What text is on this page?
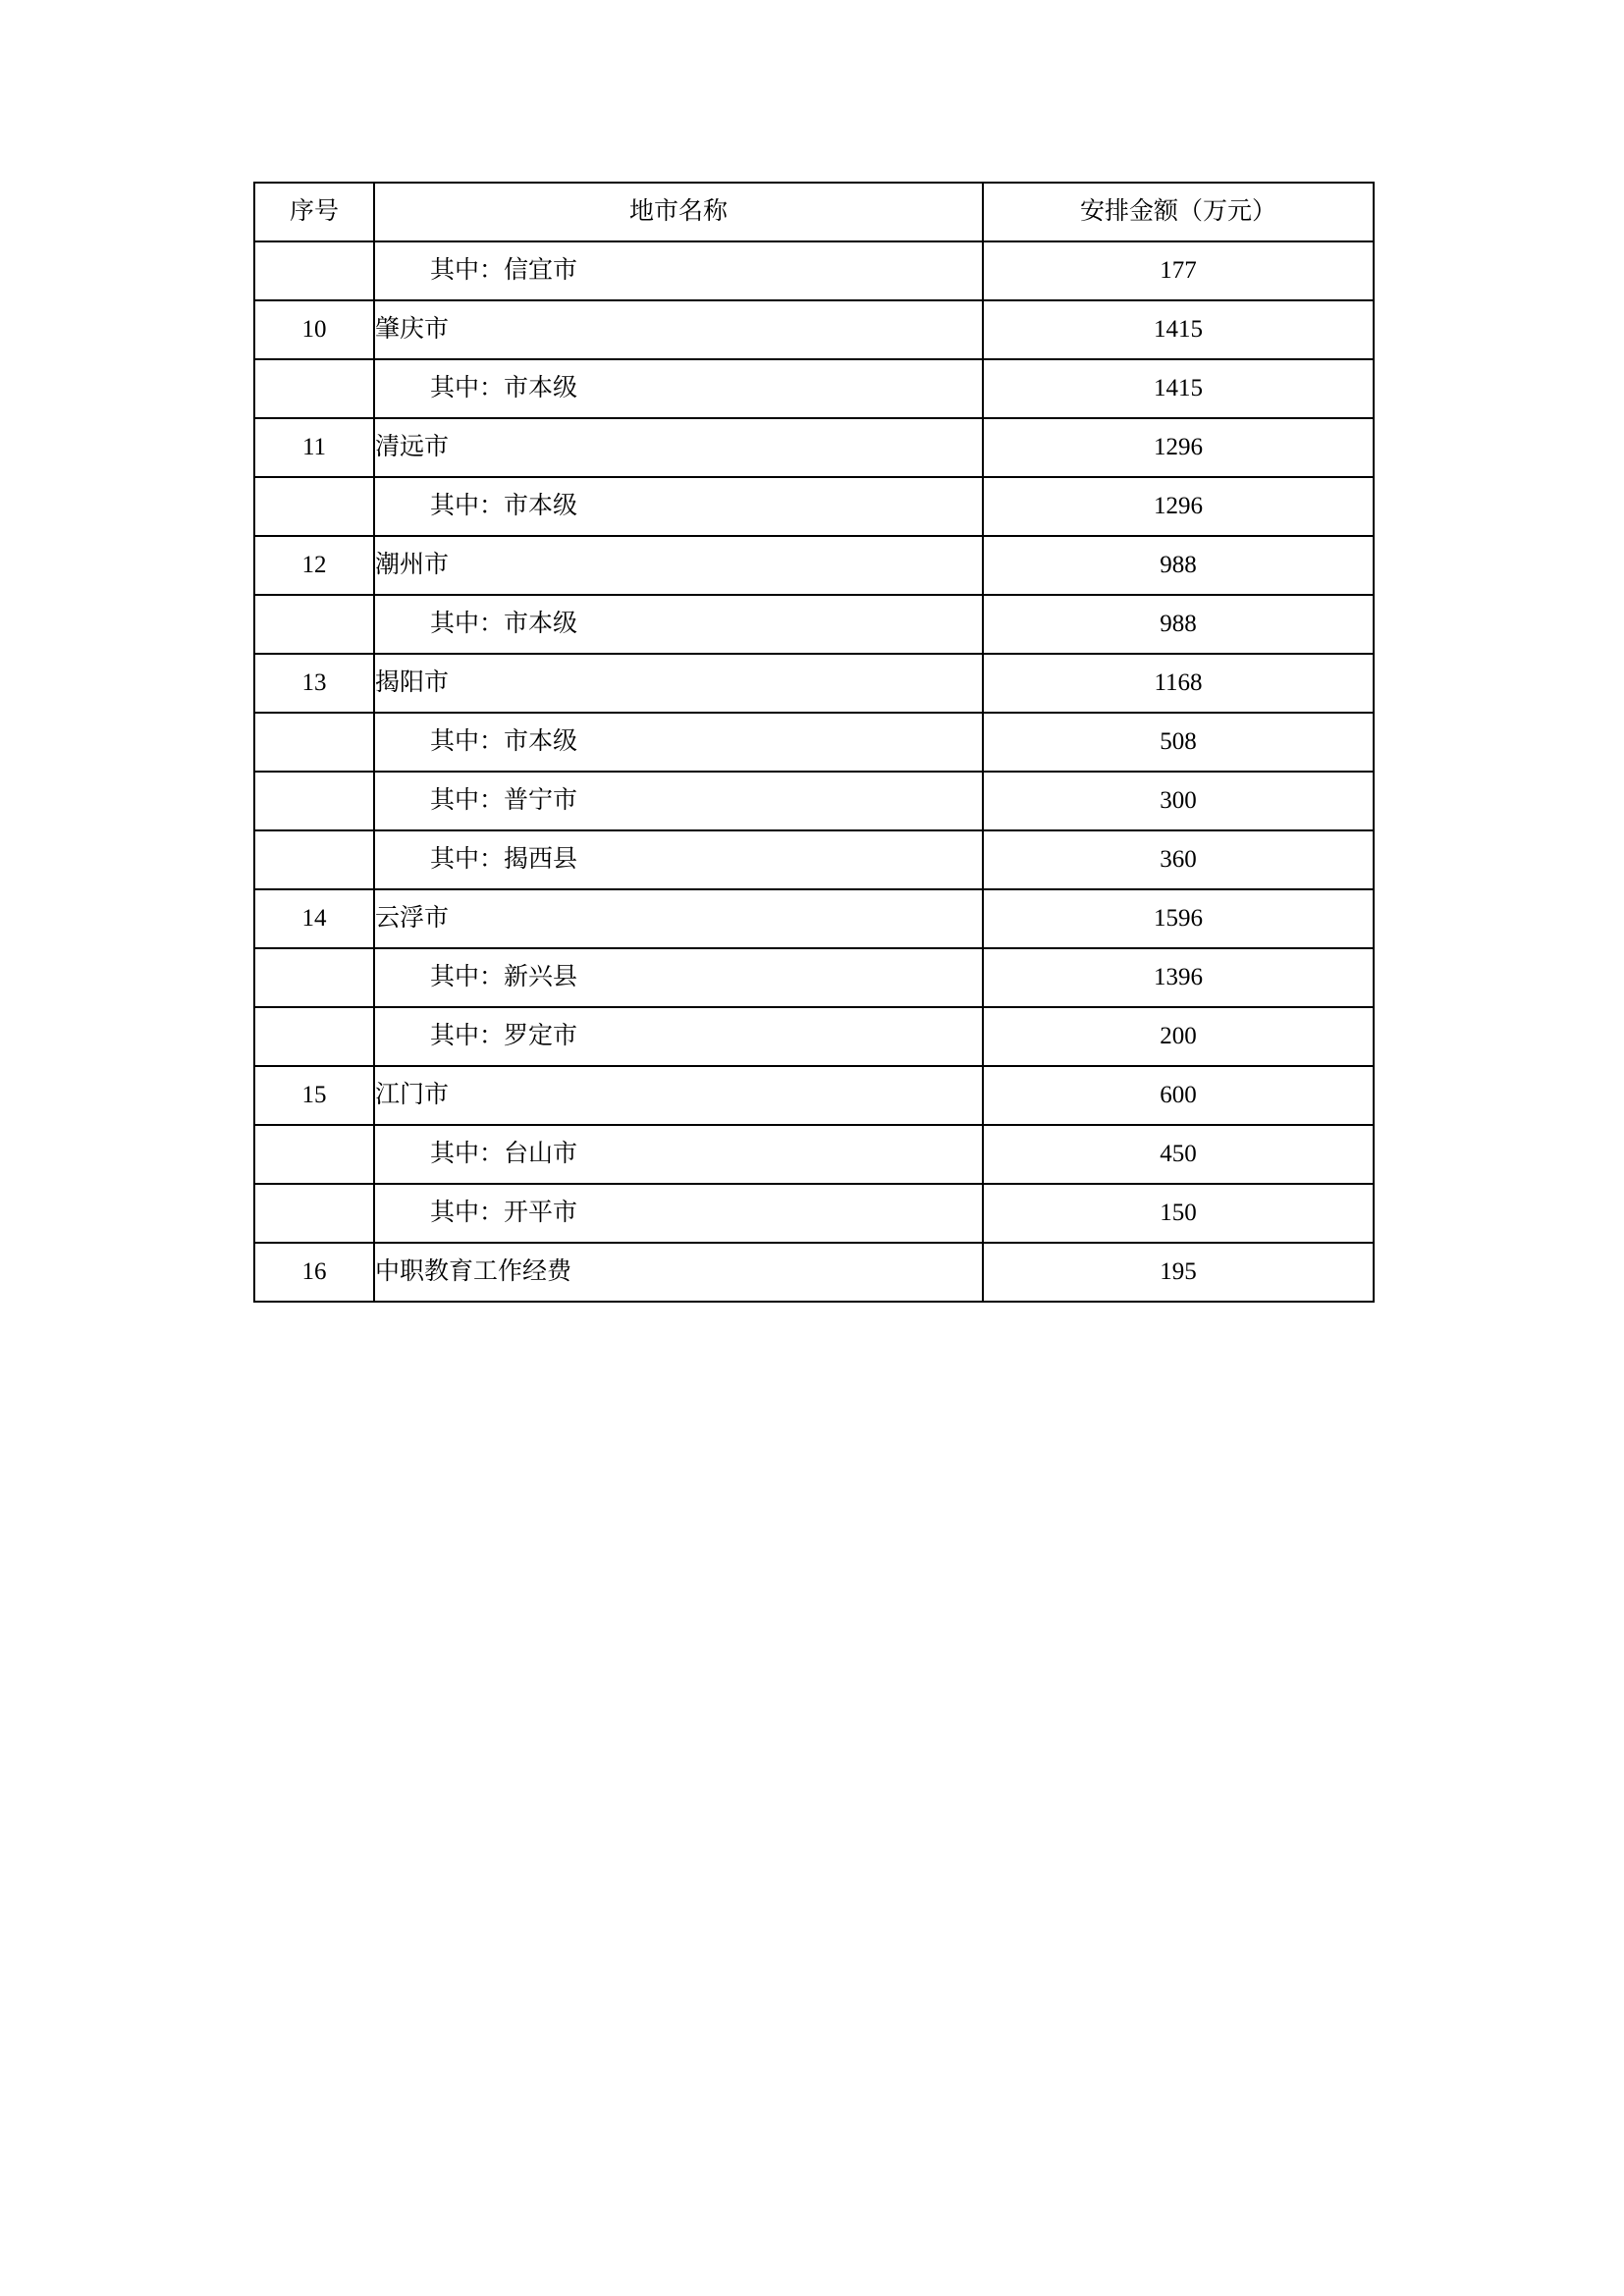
序号	地市名称	安排金额（万元）
	其中：信宜市	177
10	肇庆市	1415
	其中：市本级	1415
11	清远市	1296
	其中：市本级	1296
12	潮州市	988
	其中：市本级	988
13	揭阳市	1168
	其中：市本级	508
	其中：普宁市	300
	其中：揭西县	360
14	云浮市	1596
	其中：新兴县	1396
	其中：罗定市	200
15	江门市	600
	其中：台山市	450
	其中：开平市	150
16	中职教育工作经费	195
